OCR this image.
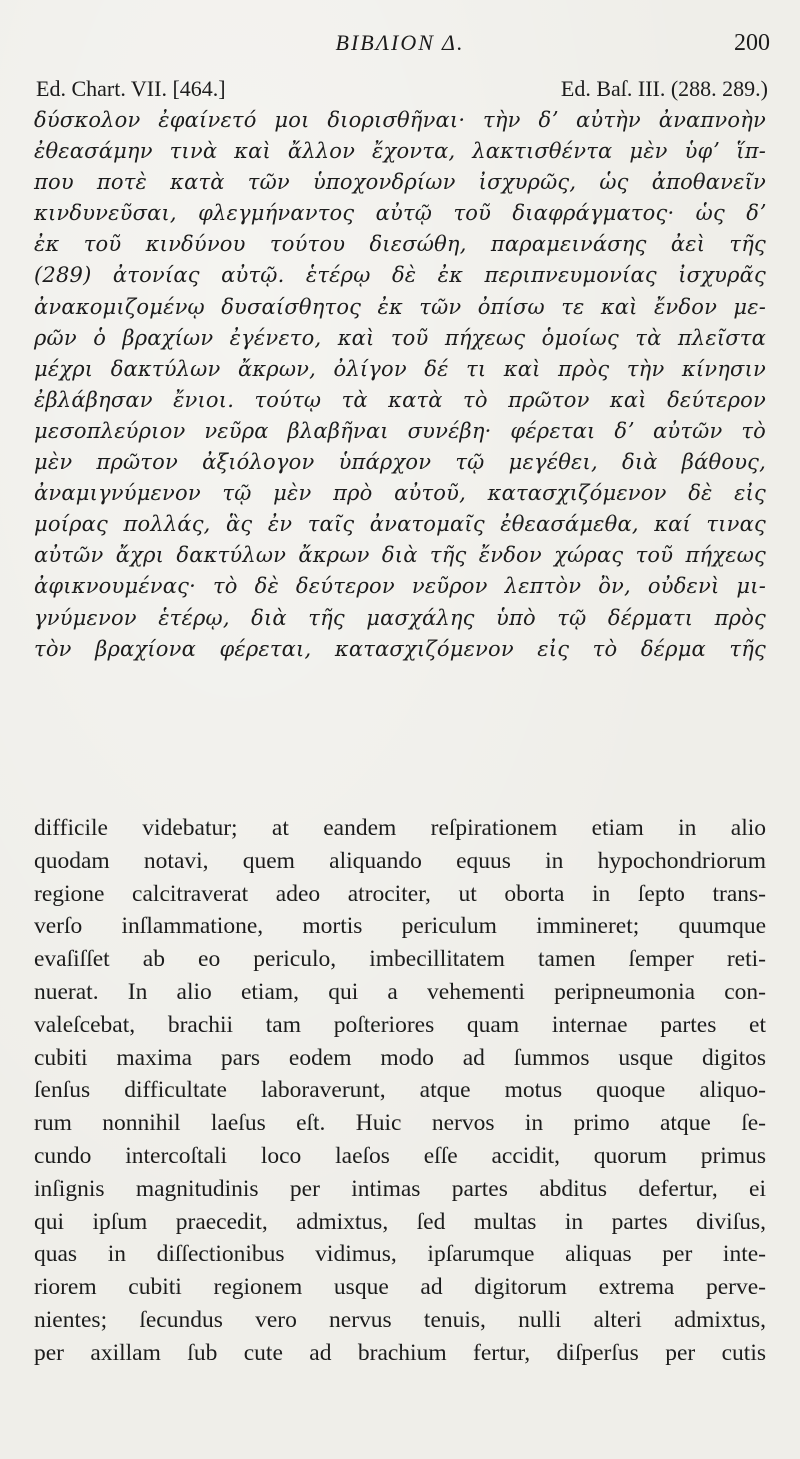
ΒΙΒΛΙΟΝ Δ.	200
Ed. Chart. VII. [464.]	Ed. Baſ. III. (288. 289.)
δύσκολον ἐφαίνετό μοι διορισθῆναι· τὴν δʼ αὐτὴν ἀναπνοὴν
ἐθεασάμην τινὰ καὶ ἄλλον ἔχοντα, λακτισθέντα μὲν ὑφʼ ἵπ-
που ποτὲ κατὰ τῶν ὑποχονδρίων ἰσχυρῶς, ὡς ἀποθανεῖν
κινδυνεῦσαι, φλεγμήναντος αὐτῷ τοῦ διαφράγματος· ὡς δʼ
ἐκ τοῦ κινδύνου τούτου διεσώθη, παραμεινάσης ἀεὶ τῆς
(289) ἀτονίας αὐτῷ. ἑτέρῳ δὲ ἐκ περιπνευμονίας ἰσχυρᾶς
ἀνακομιζομένῳ δυσαίσθητος ἐκ τῶν ὀπίσω τε καὶ ἔνδον με-
ρῶν ὁ βραχίων ἐγένετο, καὶ τοῦ πήχεως ὁμοίως τὰ πλεῖστα
μέχρι δακτύλων ἄκρων, ὀλίγον δέ τι καὶ πρὸς τὴν κίνησιν
ἐβλάβησαν ἔνιοι. τούτῳ τὰ κατὰ τὸ πρῶτον καὶ δεύτερον
μεσοπλεύριον νεῦρα βλαβῆναι συνέβη· φέρεται δʼ αὐτῶν τὸ
μὲν πρῶτον ἀξιόλογον ὑπάρχον τῷ μεγέθει, διὰ βάθους,
ἀναμιγνύμενον τῷ μὲν πρὸ αὐτοῦ, κατασχιζόμενον δὲ εἰς
μοίρας πολλάς, ἃς ἐν ταῖς ἀνατομαῖς ἐθεασάμεθα, καί τινας
αὐτῶν ἄχρι δακτύλων ἄκρων διὰ τῆς ἔνδον χώρας τοῦ πήχεως
ἀφικνουμένας· τὸ δὲ δεύτερον νεῦρον λεπτὸν ὂν, οὐδενὶ μι-
γνύμενον ἑτέρῳ, διὰ τῆς μασχάλης ὑπὸ τῷ δέρματι πρὸς
τὸν βραχίονα φέρεται, κατασχιζόμενον εἰς τὸ δέρμα τῆς
difficile videbatur; at eandem reſpirationem etiam in alio
quodam notavi, quem aliquando equus in hypochondriorum
regione calcitraverat adeo atrociter, ut oborta in ſepto trans-
verſo inſlammatione, mortis periculum immineret; quumque
evaſiſſet ab eo periculo, imbecillitatem tamen ſemper reti-
nuerat. In alio etiam, qui a vehementi peripneumonia con-
valeſcebat, brachii tam poſteriores quam internae partes et
cubiti maxima pars eodem modo ad ſummos usque digitos
ſenſus difficultate laboraverunt, atque motus quoque aliquo-
rum nonnihil laeſus eſt. Huic nervos in primo atque ſe-
cundo intercoſtali loco laeſos eſſe accidit, quorum primus
inſignis magnitudinis per intimas partes abditus defertur, ei
qui ipſum praecedit, admixtus, ſed multas in partes diviſus,
quas in diſſectionibus vidimus, ipſarumque aliquas per inte-
riorem cubiti regionem usque ad digitorum extrema perve-
nientes; ſecundus vero nervus tenuis, nulli alteri admixtus,
per axillam ſub cute ad brachium fertur, diſperſus per cutis
